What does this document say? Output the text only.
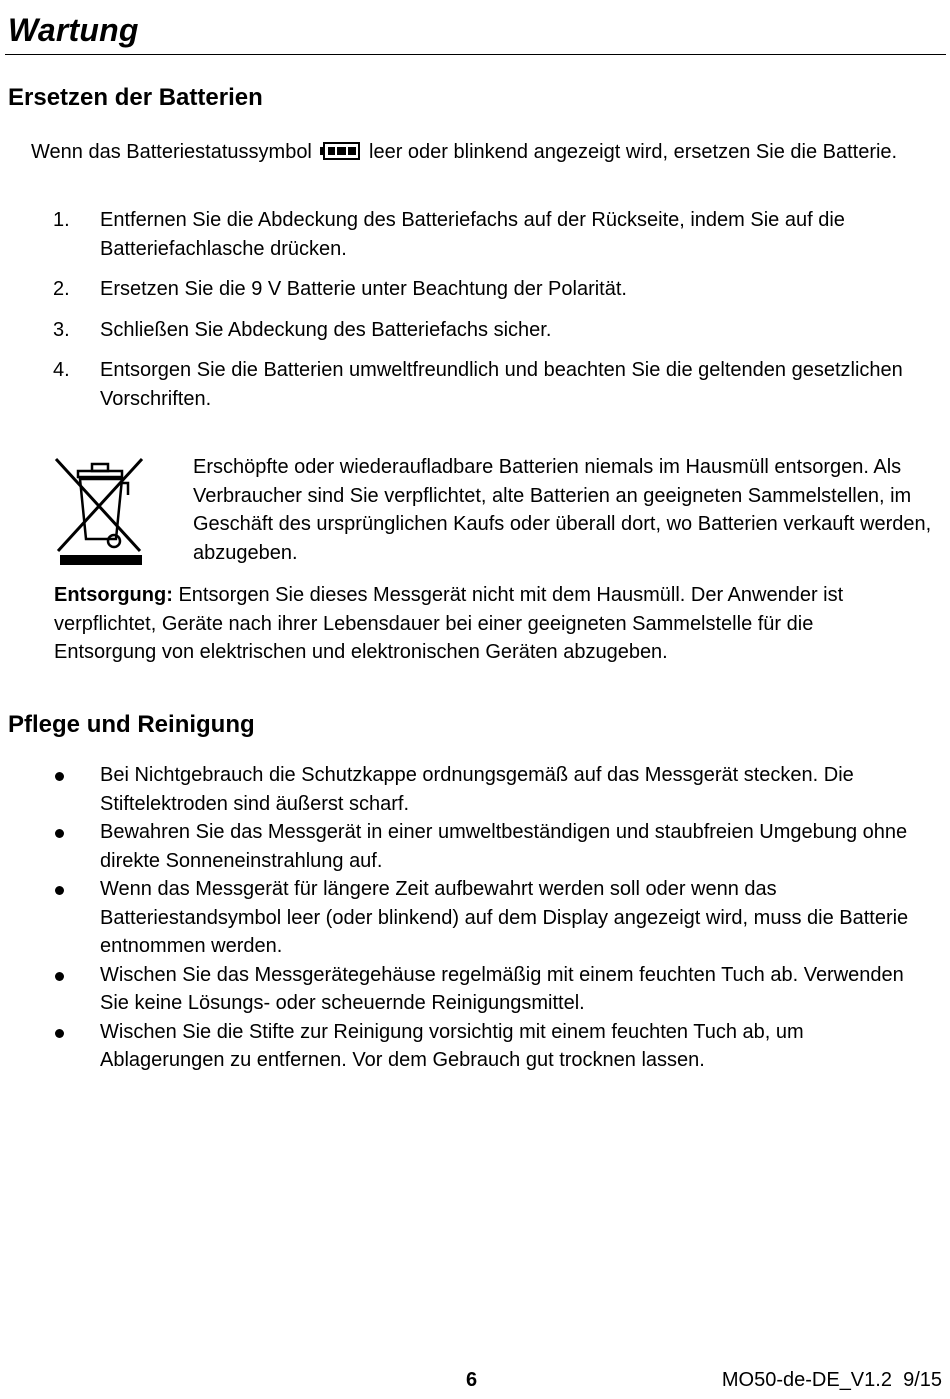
Wartung
Ersetzen der Batterien
Wenn das Batteriestatussymbol	leer oder blinkend angezeigt wird, ersetzen Sie die Batterie.
1. Entfernen Sie die Abdeckung des Batteriefachs auf der Rückseite, indem Sie auf die Batteriefachlasche drücken.
2. Ersetzen Sie die 9 V Batterie unter Beachtung der Polarität.
3. Schließen Sie Abdeckung des Batteriefachs sicher.
4. Entsorgen Sie die Batterien umweltfreundlich und beachten Sie die geltenden gesetzlichen Vorschriften.
Erschöpfte oder wiederaufladbare Batterien niemals im Hausmüll entsorgen. Als Verbraucher sind Sie verpflichtet, alte Batterien an geeigneten Sammelstellen, im Geschäft des ursprünglichen Kaufs oder überall dort, wo Batterien verkauft werden, abzugeben.
Entsorgung: Entsorgen Sie dieses Messgerät nicht mit dem Hausmüll. Der Anwender ist verpflichtet, Geräte nach ihrer Lebensdauer bei einer geeigneten Sammelstelle für die Entsorgung von elektrischen und elektronischen Geräten abzugeben.
Pflege und Reinigung
Bei Nichtgebrauch die Schutzkappe ordnungsgemäß auf das Messgerät stecken. Die Stiftelektroden sind äußerst scharf.
Bewahren Sie das Messgerät in einer umweltbeständigen und staubfreien Umgebung ohne direkte Sonneneinstrahlung auf.
Wenn das Messgerät für längere Zeit aufbewahrt werden soll oder wenn das Batteriestandsymbol leer (oder blinkend) auf dem Display angezeigt wird, muss die Batterie entnommen werden.
Wischen Sie das Messgerätegehäuse regelmäßig mit einem feuchten Tuch ab. Verwenden Sie keine Lösungs- oder scheuernde Reinigungsmittel.
Wischen Sie die Stifte zur Reinigung vorsichtig mit einem feuchten Tuch ab, um Ablagerungen zu entfernen. Vor dem Gebrauch gut trocknen lassen.
6	MO50-de-DE_V1.2  9/15
